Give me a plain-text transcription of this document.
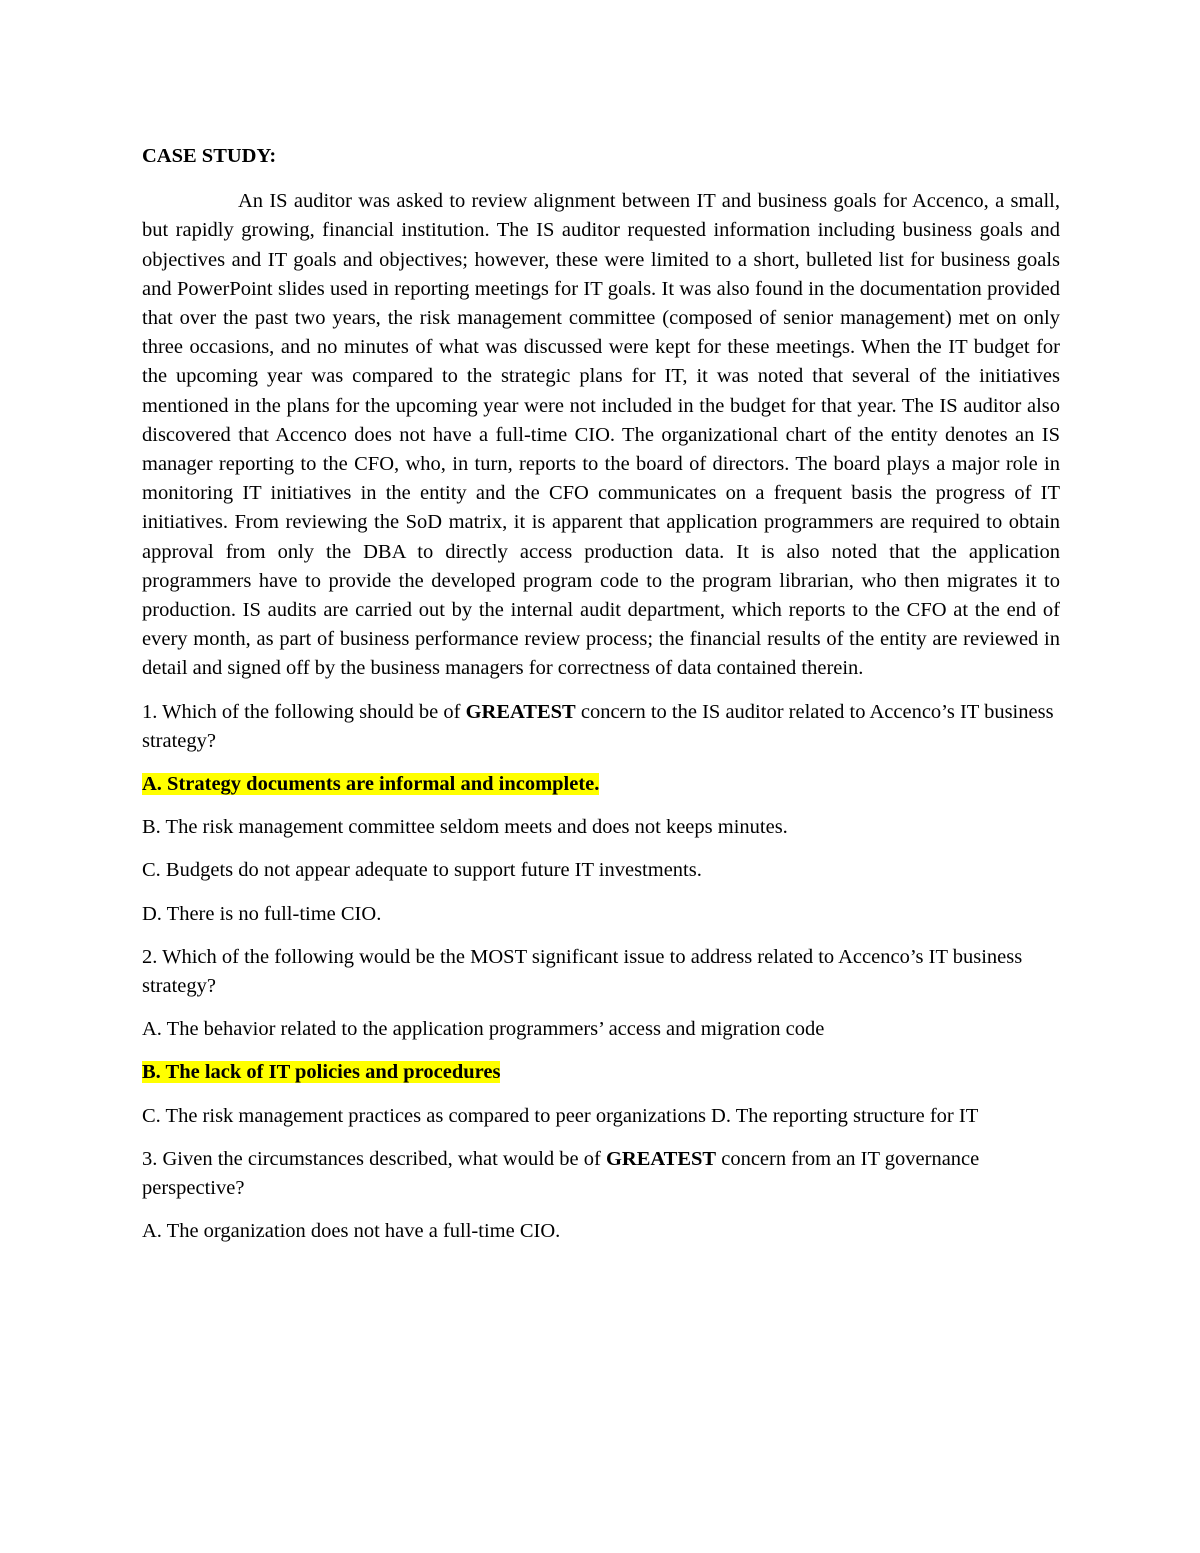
CASE STUDY:

An IS auditor was asked to review alignment between IT and business goals for Accenco, a small, but rapidly growing, financial institution. The IS auditor requested information including business goals and objectives and IT goals and objectives; however, these were limited to a short, bulleted list for business goals and PowerPoint slides used in reporting meetings for IT goals. It was also found in the documentation provided that over the past two years, the risk management committee (composed of senior management) met on only three occasions, and no minutes of what was discussed were kept for these meetings. When the IT budget for the upcoming year was compared to the strategic plans for IT, it was noted that several of the initiatives mentioned in the plans for the upcoming year were not included in the budget for that year. The IS auditor also discovered that Accenco does not have a full-time CIO. The organizational chart of the entity denotes an IS manager reporting to the CFO, who, in turn, reports to the board of directors. The board plays a major role in monitoring IT initiatives in the entity and the CFO communicates on a frequent basis the progress of IT initiatives. From reviewing the SoD matrix, it is apparent that application programmers are required to obtain approval from only the DBA to directly access production data. It is also noted that the application programmers have to provide the developed program code to the program librarian, who then migrates it to production. IS audits are carried out by the internal audit department, which reports to the CFO at the end of every month, as part of business performance review process; the financial results of the entity are reviewed in detail and signed off by the business managers for correctness of data contained therein.

1. Which of the following should be of GREATEST concern to the IS auditor related to Accenco’s IT business strategy?

A. Strategy documents are informal and incomplete.

B. The risk management committee seldom meets and does not keeps minutes.

C. Budgets do not appear adequate to support future IT investments.

D. There is no full-time CIO.

2. Which of the following would be the MOST significant issue to address related to Accenco’s IT business strategy?

A. The behavior related to the application programmers’ access and migration code

B. The lack of IT policies and procedures

C. The risk management practices as compared to peer organizations D. The reporting structure for IT

3. Given the circumstances described, what would be of GREATEST concern from an IT governance perspective?

A. The organization does not have a full-time CIO.
